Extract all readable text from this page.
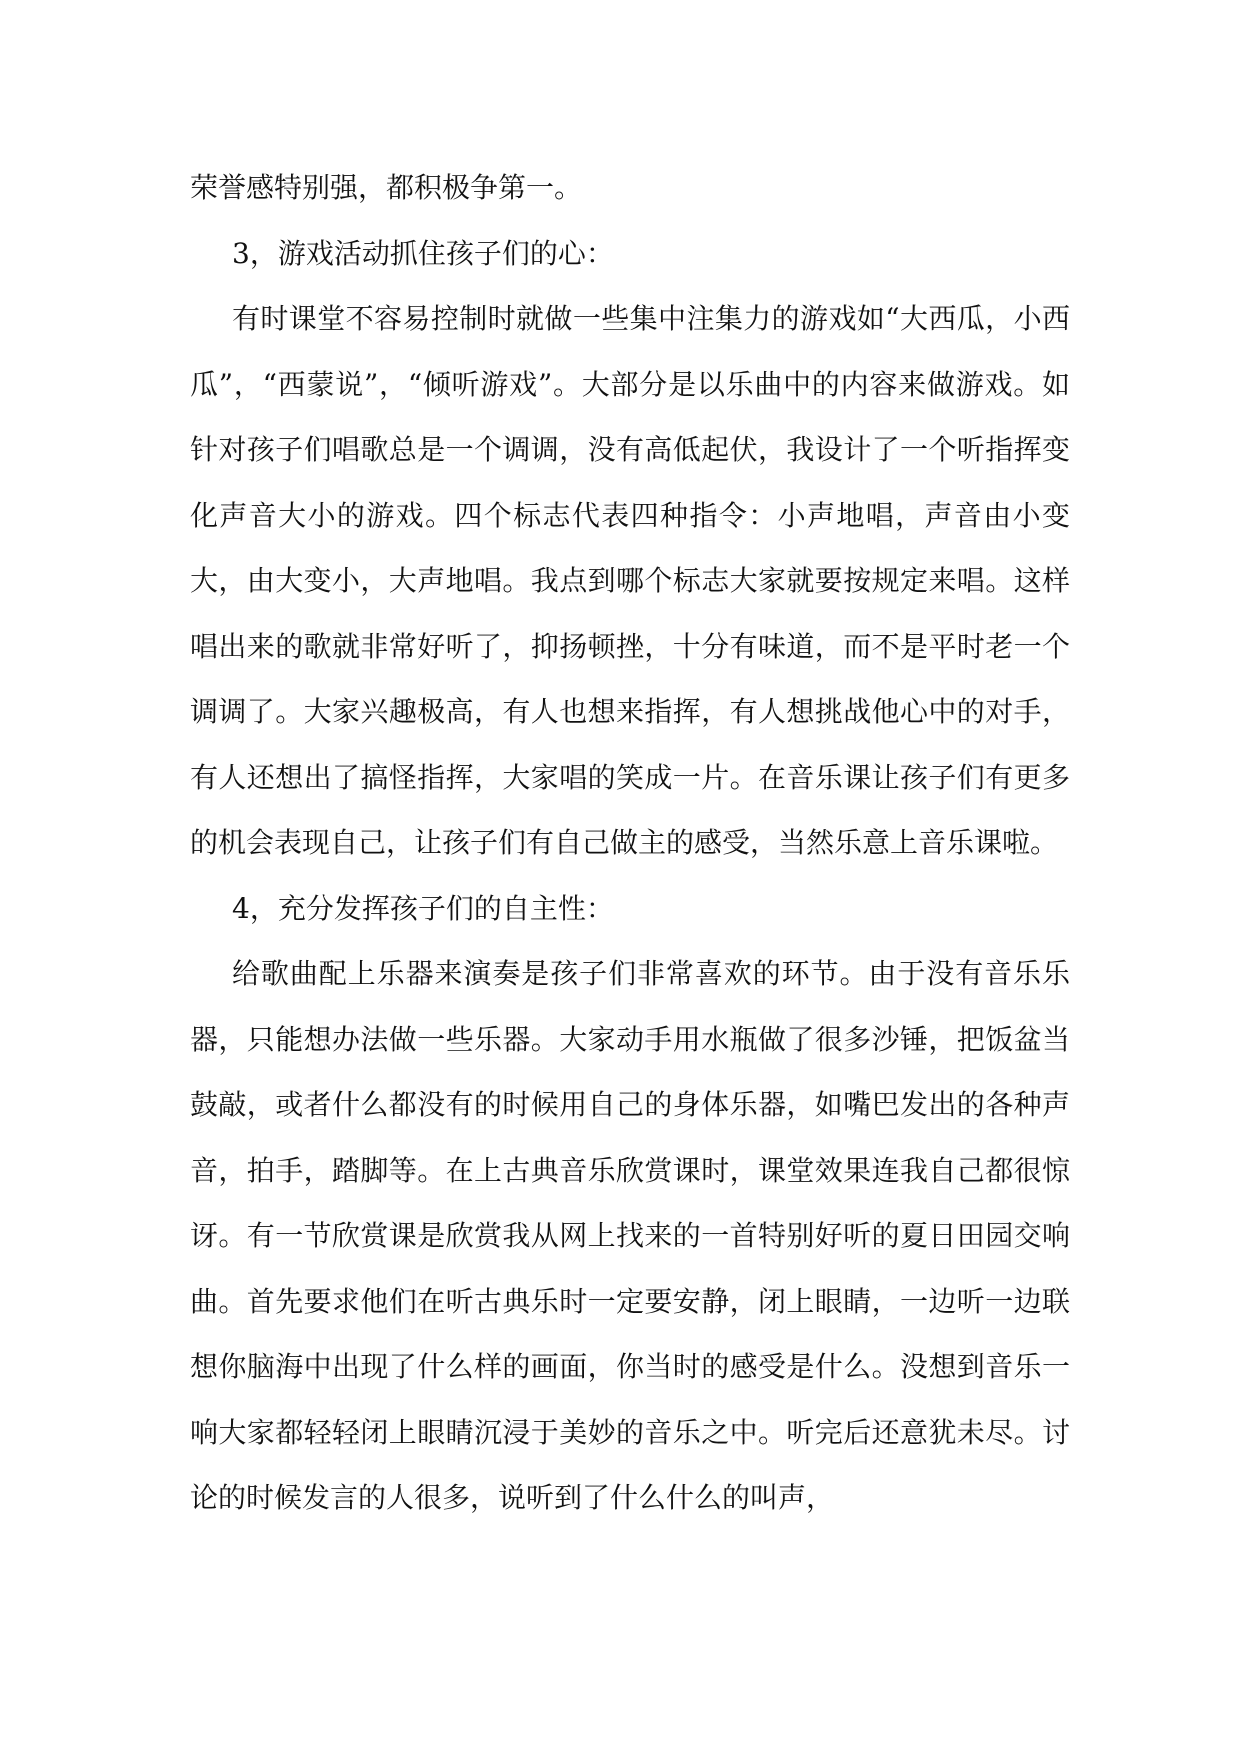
荣誉感特别强，都积极争第一。

3，游戏活动抓住孩子们的心：

有时课堂不容易控制时就做一些集中注集力的游戏如“大西瓜，小西瓜”，“西蒙说”，“倾听游戏”。大部分是以乐曲中的内容来做游戏。如针对孩子们唱歌总是一个调调，没有高低起伏，我设计了一个听指挥变化声音大小的游戏。四个标志代表四种指令：小声地唱，声音由小变大，由大变小，大声地唱。我点到哪个标志大家就要按规定来唱。这样唱出来的歌就非常好听了，抑扬顿挫，十分有味道，而不是平时老一个调调了。大家兴趣极高，有人也想来指挥，有人想挑战他心中的对手，有人还想出了搞怪指挥，大家唱的笑成一片。在音乐课让孩子们有更多的机会表现自己，让孩子们有自己做主的感受，当然乐意上音乐课啦。

4，充分发挥孩子们的自主性：

给歌曲配上乐器来演奏是孩子们非常喜欢的环节。由于没有音乐乐器，只能想办法做一些乐器。大家动手用水瓶做了很多沙锤，把饭盆当鼓敲，或者什么都没有的时候用自己的身体乐器，如嘴巴发出的各种声音，拍手，踏脚等。在上古典音乐欣赏课时，课堂效果连我自己都很惊讶。有一节欣赏课是欣赏我从网上找来的一首特别好听的夏日田园交响曲。首先要求他们在听古典乐时一定要安静，闭上眼睛，一边听一边联想你脑海中出现了什么样的画面，你当时的感受是什么。没想到音乐一响大家都轻轻闭上眼睛沉浸于美妙的音乐之中。听完后还意犹未尽。讨论的时候发言的人很多，说听到了什么什么的叫声，
